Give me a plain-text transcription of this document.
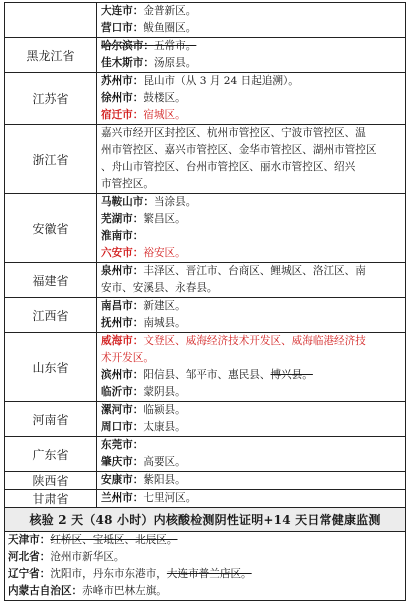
大连市：金普新区。
营口市：鲅鱼圈区。
黑龙江省
哈尔滨市：五常市。
佳木斯市：汤原县。
江苏省
苏州市：昆山市（从 3 月 24 日起追溯）。
徐州市：鼓楼区。
宿迁市：宿城区。
浙江省
嘉兴市经开区封控区、杭州市管控区、宁波市管控区、温
州市管控区、嘉兴市管控区、金华市管控区、湖州市管控区
、舟山市管控区、台州市管控区、丽水市管控区、绍兴
市管控区。
安徽省
马鞍山市：当涂县。
芜湖市：繁昌区。
淮南市：
六安市：裕安区。
福建省
泉州市：丰泽区、晋江市、台商区、鲤城区、洛江区、南
安市、安溪县、永春县。
江西省
南昌市：新建区。
抚州市：南城县。
山东省
威海市：文登区、威海经济技术开发区、威海临港经济技
术开发区。
滨州市：阳信县、邹平市、惠民县、博兴县。
临沂市：蒙阴县。
河南省
漯河市：临颍县。
周口市：太康县。
广东省
东莞市：
肇庆市：高要区。
陕西省	安康市：紫阳县。
甘肃省	兰州市：七里河区。
核验 2 天（48 小时）内核酸检测阴性证明+14 天日常健康监测
天津市：红桥区、宝坻区、北辰区。
河北省：沧州市新华区。
辽宁省：沈阳市，丹东市东港市，大连市普兰店区。
内蒙古自治区：赤峰市巴林左旗。
